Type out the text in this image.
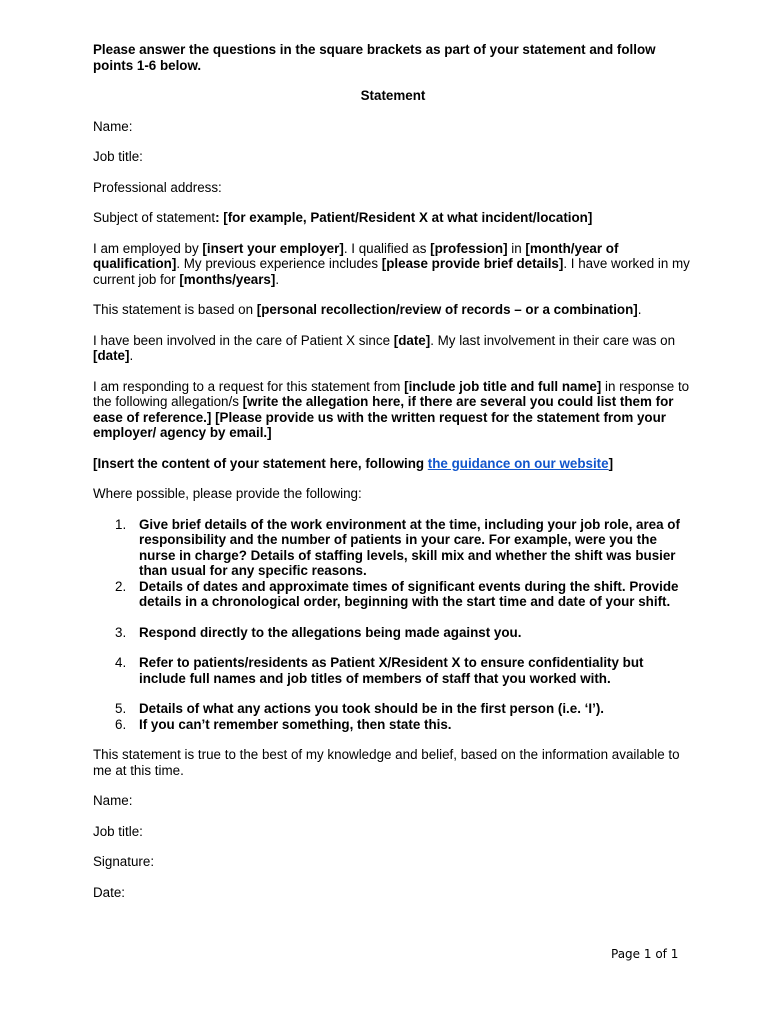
Please answer the questions in the square brackets as part of your statement and follow points 1-6 below.

Statement

Name:

Job title:

Professional address:

Subject of statement: [for example, Patient/Resident X at what incident/location]

I am employed by [insert your employer]. I qualified as [profession] in [month/year of qualification]. My previous experience includes [please provide brief details]. I have worked in my current job for [months/years].

This statement is based on [personal recollection/review of records – or a combination].

I have been involved in the care of Patient X since [date]. My last involvement in their care was on [date].

I am responding to a request for this statement from [include job title and full name] in response to the following allegation/s [write the allegation here, if there are several you could list them for ease of reference.] [Please provide us with the written request for the statement from your employer/ agency by email.]

[Insert the content of your statement here, following the guidance on our website]

Where possible, please provide the following:

1. Give brief details of the work environment at the time, including your job role, area of responsibility and the number of patients in your care. For example, were you the nurse in charge? Details of staffing levels, skill mix and whether the shift was busier than usual for any specific reasons.
2. Details of dates and approximate times of significant events during the shift. Provide details in a chronological order, beginning with the start time and date of your shift.
3. Respond directly to the allegations being made against you.
4. Refer to patients/residents as Patient X/Resident X to ensure confidentiality but include full names and job titles of members of staff that you worked with.
5. Details of what any actions you took should be in the first person (i.e. ‘I’).
6. If you can’t remember something, then state this.

This statement is true to the best of my knowledge and belief, based on the information available to me at this time.

Name:

Job title:

Signature:

Date:

Page 1 of 1
